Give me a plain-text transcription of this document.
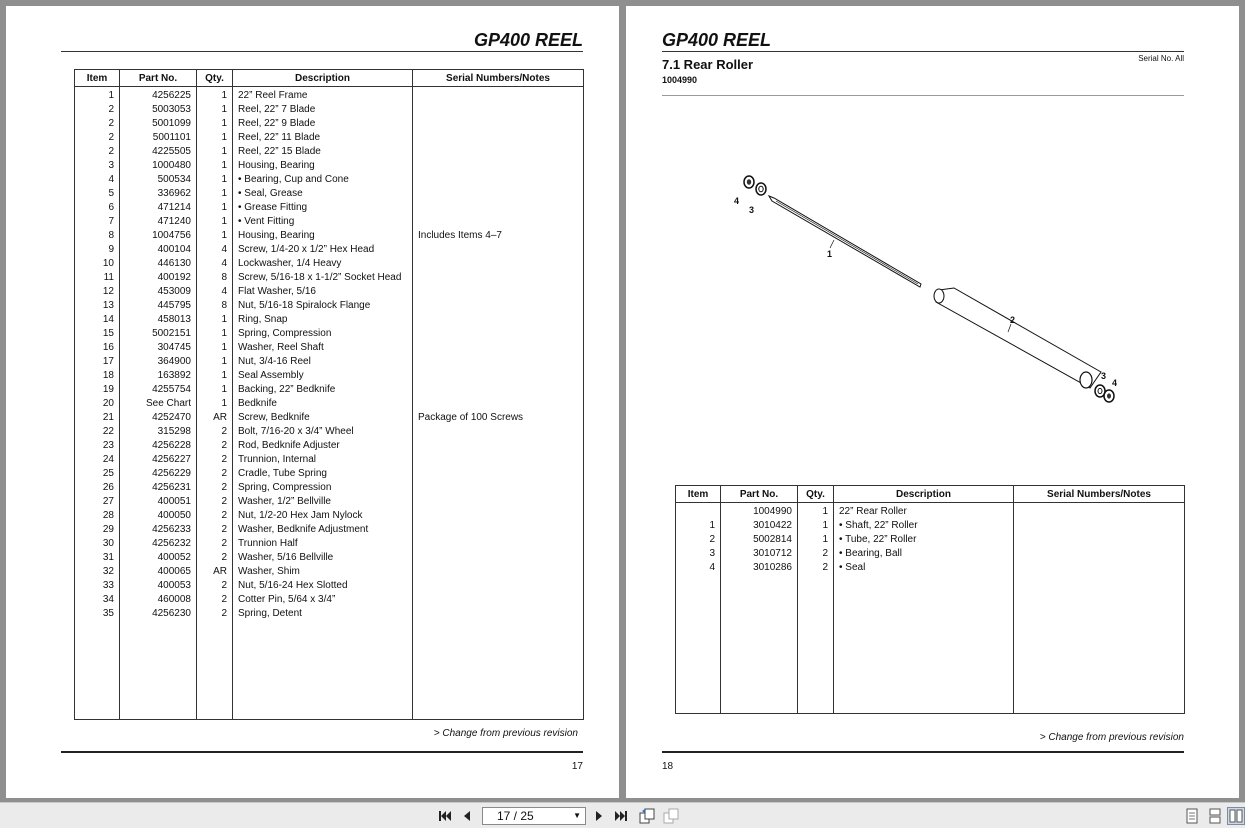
GP400 REEL
Item	Part No.	Qty.	Description	Serial Numbers/Notes
1	4256225	1	22” Reel Frame	
2	5003053	1	Reel, 22” 7 Blade	
2	5001099	1	Reel, 22” 9 Blade	
2	5001101	1	Reel, 22” 11 Blade	
2	4225505	1	Reel, 22” 15 Blade	
3	1000480	1	Housing, Bearing	
4	500534	1	• Bearing, Cup and Cone	
5	336962	1	• Seal, Grease	
6	471214	1	• Grease Fitting	
7	471240	1	• Vent Fitting	
8	1004756	1	Housing, Bearing	Includes Items 4–7
9	400104	4	Screw, 1/4-20 x 1/2” Hex Head	
10	446130	4	Lockwasher, 1/4 Heavy	
11	400192	8	Screw, 5/16-18 x 1-1/2” Socket Head	
12	453009	4	Flat Washer, 5/16	
13	445795	8	Nut, 5/16-18 Spiralock Flange	
14	458013	1	Ring, Snap	
15	5002151	1	Spring, Compression	
16	304745	1	Washer, Reel Shaft	
17	364900	1	Nut, 3/4-16 Reel	
18	163892	1	Seal Assembly	
19	4255754	1	Backing, 22” Bedknife	
20	See Chart	1	Bedknife	
21	4252470	AR	Screw, Bedknife	Package of 100 Screws
22	315298	2	Bolt, 7/16-20 x 3/4” Wheel	
23	4256228	2	Rod, Bedknife Adjuster	
24	4256227	2	Trunnion, Internal	
25	4256229	2	Cradle, Tube Spring	
26	4256231	2	Spring, Compression	
27	400051	2	Washer, 1/2” Bellville	
28	400050	2	Nut, 1/2-20 Hex Jam Nylock	
29	4256233	2	Washer, Bedknife Adjustment	
30	4256232	2	Trunnion Half	
31	400052	2	Washer, 5/16 Bellville	
32	400065	AR	Washer, Shim	
33	400053	2	Nut, 5/16-24 Hex Slotted	
34	460008	2	Cotter Pin, 5/64 x 3/4”	
35	4256230	2	Spring, Detent	

> Change from previous revision
17
GP400 REEL
7.1 Rear Roller
1004990
Serial No. All
4
3
1
2
3
4
Item	Part No.	Qty.	Description	Serial Numbers/Notes
	1004990	1	22” Rear Roller	
1	3010422	1	• Shaft, 22” Roller	
2	5002814	1	• Tube, 22” Roller	
3	3010712	2	• Bearing, Ball	
4	3010286	2	• Seal	

> Change from previous revision
18
17 / 25	▼
